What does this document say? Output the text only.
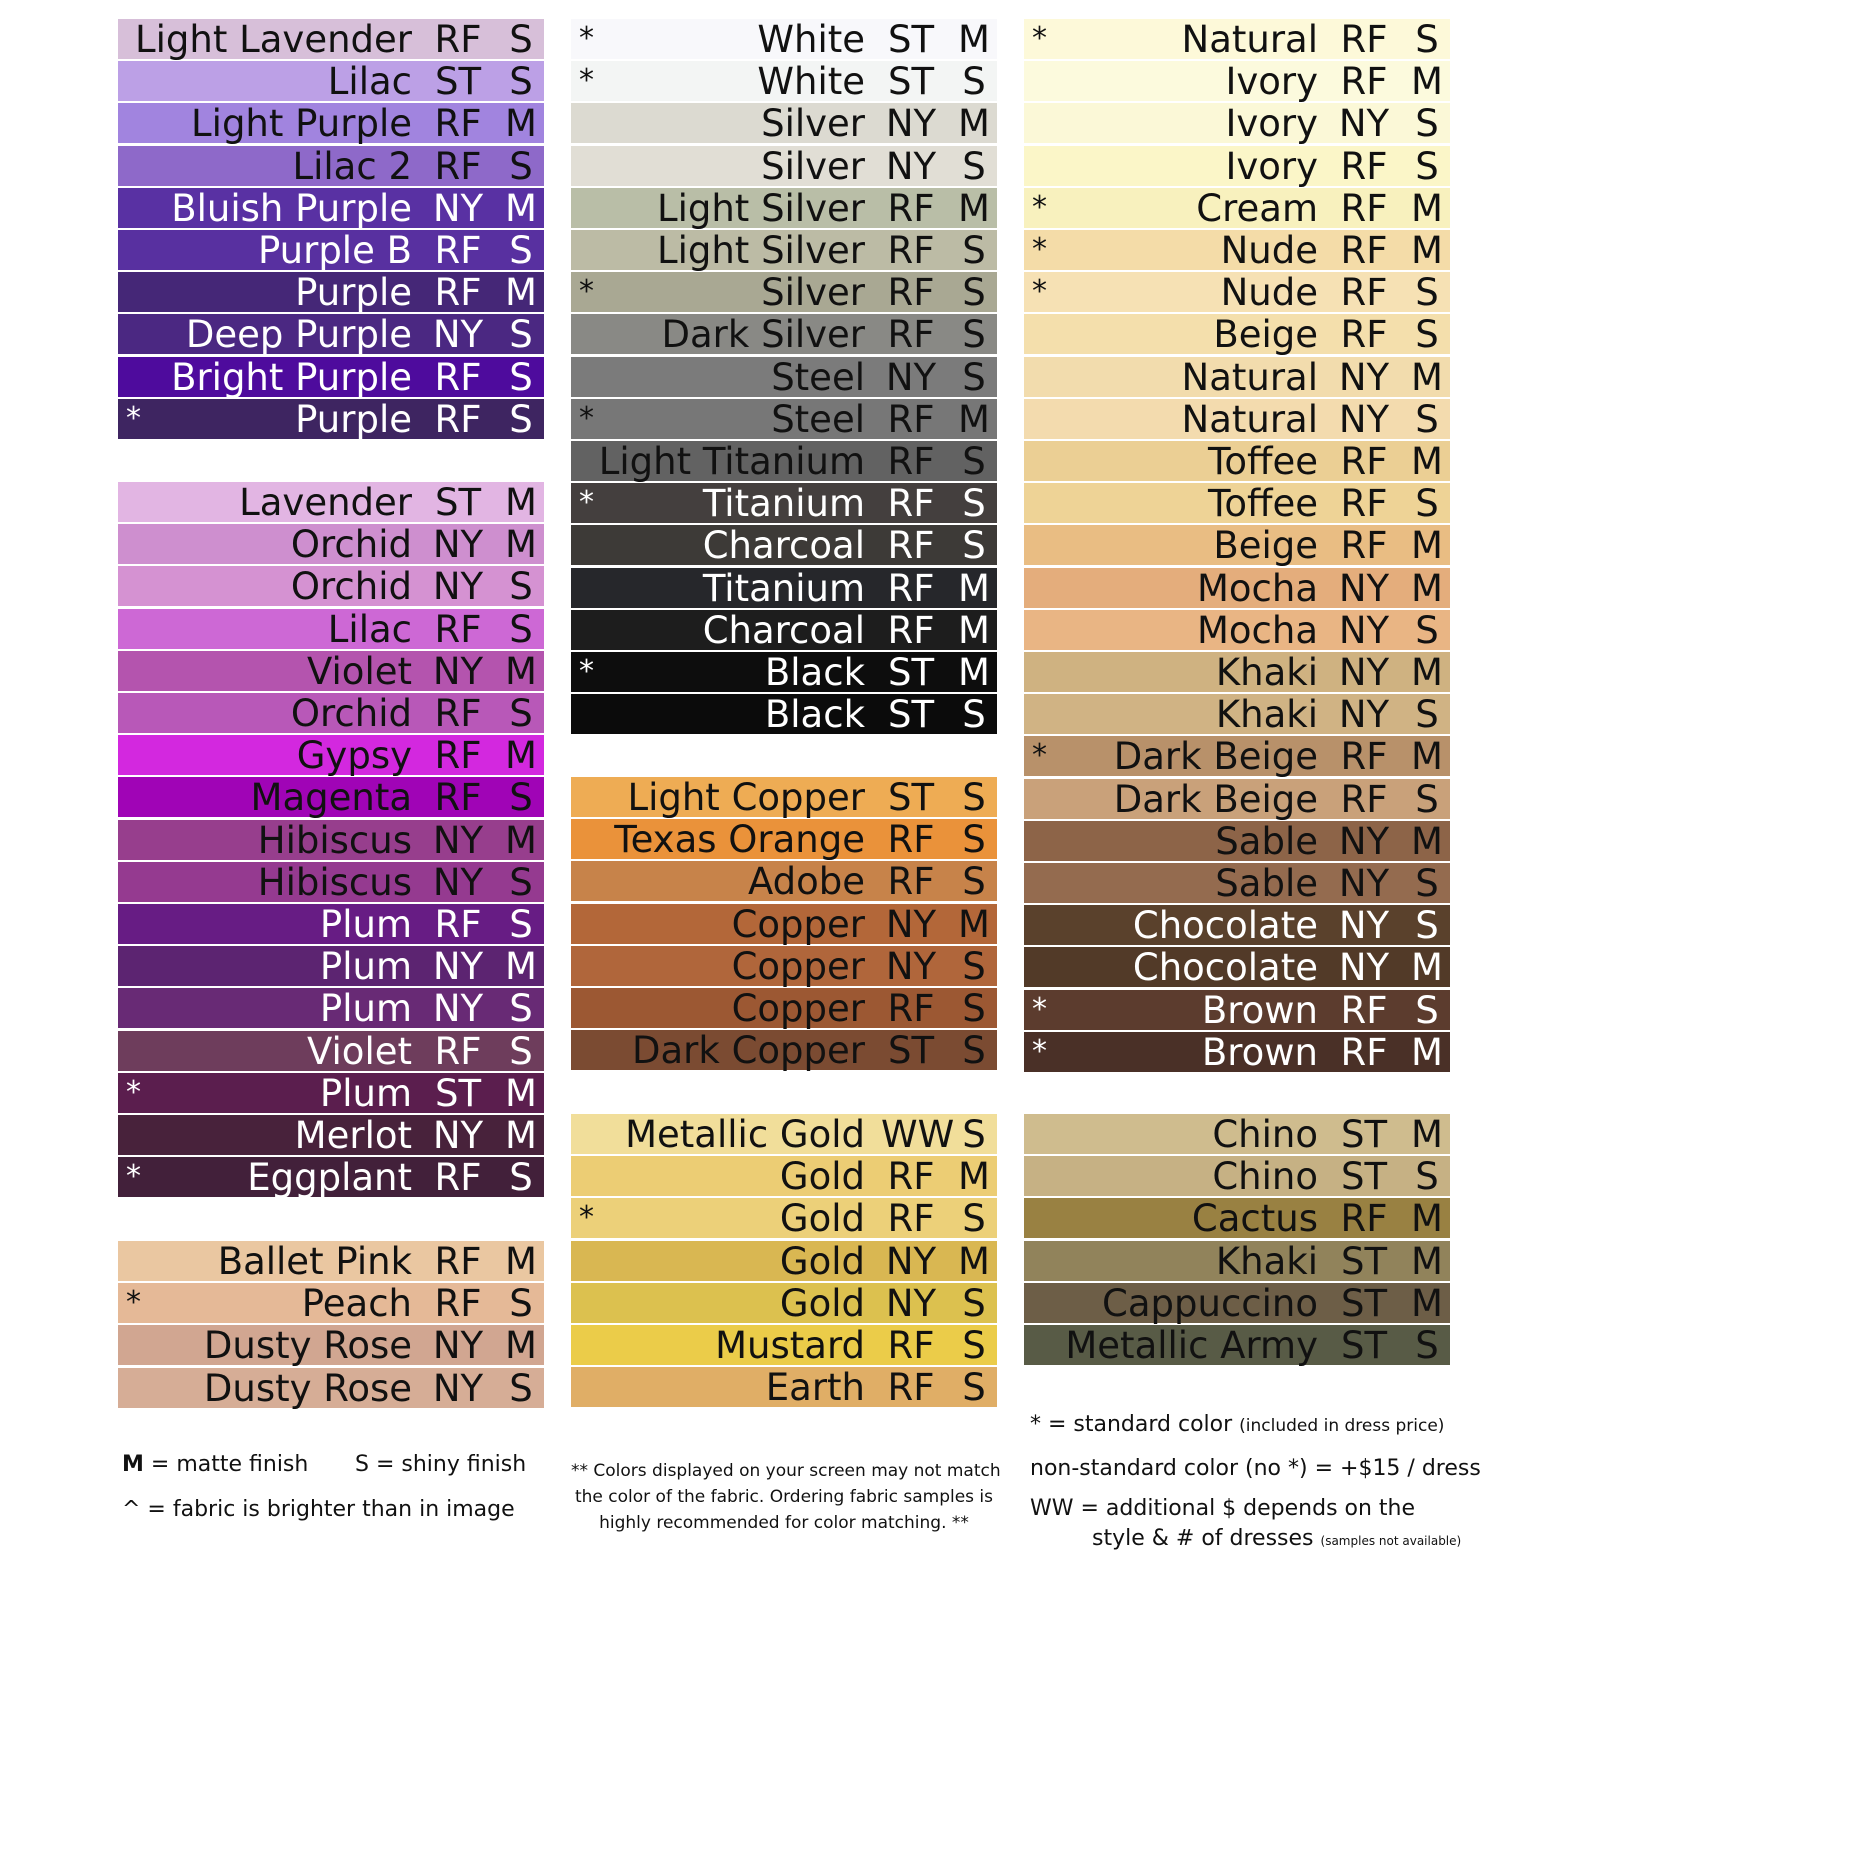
Light Lavender RF S
Lilac ST S
Light Purple RF M
Lilac 2 RF S
Bluish Purple NY M
Purple B RF S
Purple RF M
Deep Purple NY S
Bright Purple RF S
*	Purple RF S
Lavender ST M
Orchid NY M
Orchid NY S
Lilac RF S
Violet NY M
Orchid RF S
Gypsy RF M
Magenta RF S
Hibiscus NY M
Hibiscus NY S
Plum RF S
Plum NY M
Plum NY S
Violet RF S
*	Plum ST M
Merlot NY M
*	Eggplant RF S
Ballet Pink RF M
*	Peach RF S
Dusty Rose NY M
Dusty Rose NY S
*	White ST M
*	White ST S
Silver NY M
Silver NY S
Light Silver RF M
Light Silver RF S
*	Silver RF S
Dark Silver RF S
Steel NY S
*	Steel RF M
Light Titanium RF S
*	Titanium RF S
Charcoal RF S
Titanium RF M
Charcoal RF M
*	Black ST M
Black ST S
Light Copper ST S
Texas Orange RF S
Adobe RF S
Copper NY M
Copper NY S
Copper RF S
Dark Copper ST S
Metallic Gold WW S
Gold RF M
*	Gold RF S
Gold NY M
Gold NY S
Mustard RF S
Earth RF S
*	Natural RF S
Ivory RF M
Ivory NY S
Ivory RF S
*	Cream RF M
*	Nude RF M
*	Nude RF S
Beige RF S
Natural NY M
Natural NY S
Toffee RF M
Toffee RF S
Beige RF M
Mocha NY M
Mocha NY S
Khaki NY M
Khaki NY S
* Dark Beige RF M
Dark Beige RF S
Sable NY M
Sable NY S
Chocolate NY S
Chocolate NY M
*	Brown RF S
*	Brown RF M
Chino ST M
Chino ST S
Cactus RF M
Khaki ST M
Cappuccino ST M
Metallic Army ST S
M = matte finish S = shiny finish
^ = fabric is brighter than in image
** Colors displayed on your screen may not match
the color of the fabric. Ordering fabric samples is
highly recommended for color matching. **
* = standard color (included in dress price)
non-standard color (no *) = +$15 / dress
WW = additional $ depends on the
style & # of dresses (samples not available)
